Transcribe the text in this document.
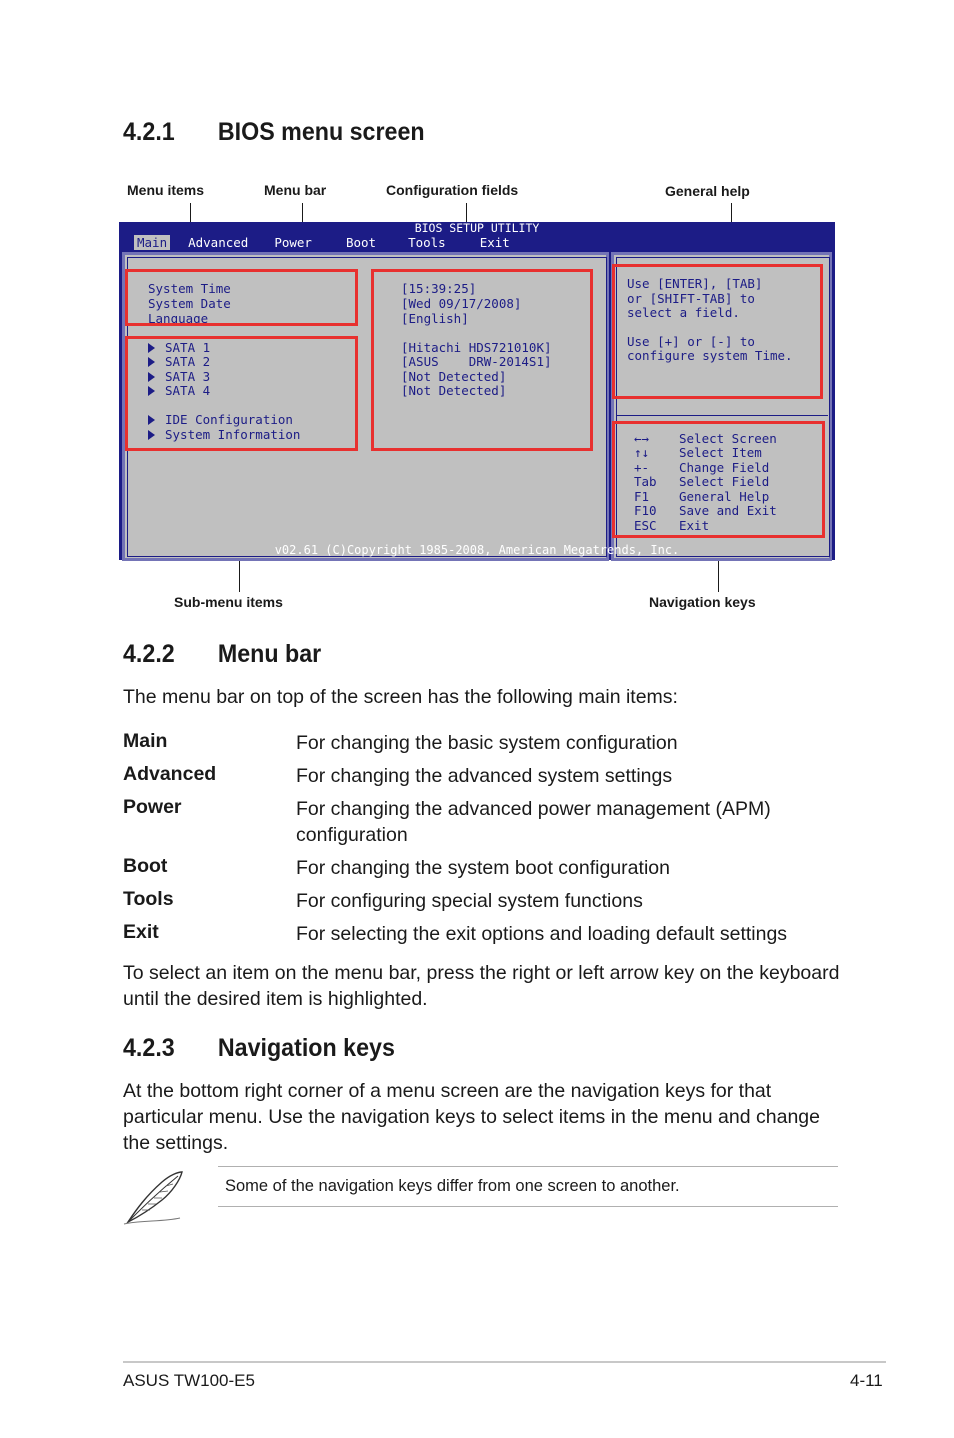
4.2.1 BIOS menu screen
Menu items	Menu bar	Configuration fields	General help
Sub-menu items	Navigation keys
BIOS SETUP UTILITY
Main Advanced Power	Boot	Tools	Exit
System Time
System Date
Language
SATA 1
SATA 2
SATA 3
SATA 4
IDE Configuration
System Information
[15:39:25]
[Wed 09/17/2008]
[English]
[Hitachi HDS721010K]
[ASUS    DRW-2014S1]
[Not Detected]
[Not Detected]
Use [ENTER], [TAB]
or [SHIFT-TAB] to
select a field.
Use [+] or [-] to
configure system Time.
←→ Select Screen
↑↓ Select Item
+- Change Field
Tab Select Field
F1 General Help
F10 Save and Exit
ESC Exit
v02.61 (C)Copyright 1985-2008, American Megatrends, Inc.
4.2.2 Menu bar
The menu bar on top of the screen has the following main items:
Main	For changing the basic system configuration
Advanced	For changing the advanced system settings
Power	For changing the advanced power management (APM) configuration
Boot	For changing the system boot configuration
Tools	For configuring special system functions
Exit	For selecting the exit options and loading default settings
To select an item on the menu bar, press the right or left arrow key on the keyboard until the desired item is highlighted.
4.2.3 Navigation keys
At the bottom right corner of a menu screen are the navigation keys for that particular menu. Use the navigation keys to select items in the menu and change the settings.
Some of the navigation keys differ from one screen to another.
ASUS TW100-E5	4-11
